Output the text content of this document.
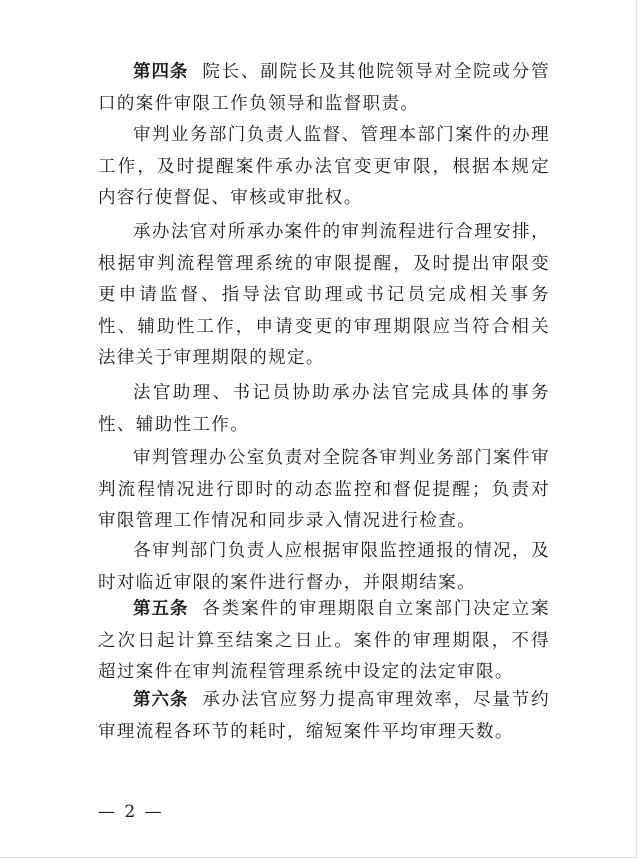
第四条 院长、副院长及其他院领导对全院或分管口的案件审限工作负领导和监督职责。

审判业务部门负责人监督、管理本部门案件的办理工作，及时提醒案件承办法官变更审限，根据本规定内容行使督促、审核或审批权。

承办法官对所承办案件的审判流程进行合理安排，根据审判流程管理系统的审限提醒，及时提出审限变更申请监督、指导法官助理或书记员完成相关事务性、辅助性工作，申请变更的审理期限应当符合相关法律关于审理期限的规定。

法官助理、书记员协助承办法官完成具体的事务性、辅助性工作。

审判管理办公室负责对全院各审判业务部门案件审判流程情况进行即时的动态监控和督促提醒；负责对审限管理工作情况和同步录入情况进行检查。

各审判部门负责人应根据审限监控通报的情况，及时对临近审限的案件进行督办，并限期结案。

第五条 各类案件的审理期限自立案部门决定立案之次日起计算至结案之日止。案件的审理期限，不得超过案件在审判流程管理系统中设定的法定审限。

第六条 承办法官应努力提高审理效率，尽量节约审理流程各环节的耗时，缩短案件平均审理天数。

— 2 —
